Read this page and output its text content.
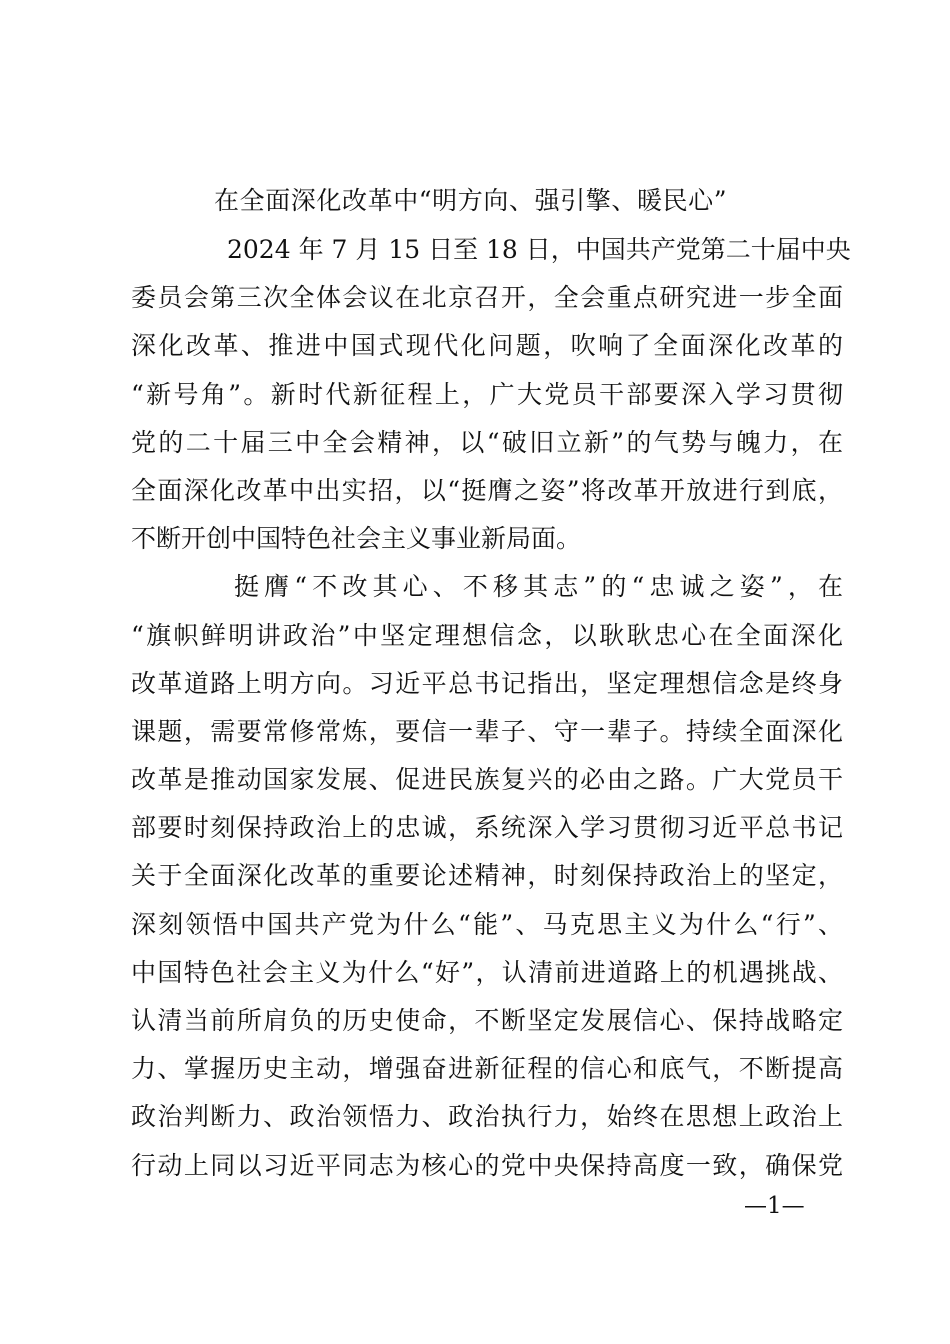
在全面深化改革中“明方向、强引擎、暖民心”
2024 年 7 月 15 日至 18 日，中国共产党第二十届中央
委员会第三次全体会议在北京召开，全会重点研究进一步全面
深化改革、推进中国式现代化问题，吹响了全面深化改革的
“新号角”。新时代新征程上，广大党员干部要深入学习贯彻
党的二十届三中全会精神，以“破旧立新”的气势与魄力，在
全面深化改革中出实招，以“挺膺之姿”将改革开放进行到底，
不断开创中国特色社会主义事业新局面。
挺膺“不改其心、不移其志”的“忠诚之姿”，在
“旗帜鲜明讲政治”中坚定理想信念，以耿耿忠心在全面深化
改革道路上明方向。习近平总书记指出，坚定理想信念是终身
课题，需要常修常炼，要信一辈子、守一辈子。持续全面深化
改革是推动国家发展、促进民族复兴的必由之路。广大党员干
部要时刻保持政治上的忠诚，系统深入学习贯彻习近平总书记
关于全面深化改革的重要论述精神，时刻保持政治上的坚定，
深刻领悟中国共产党为什么“能”、马克思主义为什么“行”、
中国特色社会主义为什么“好”，认清前进道路上的机遇挑战、
认清当前所肩负的历史使命，不断坚定发展信心、保持战略定
力、掌握历史主动，增强奋进新征程的信心和底气，不断提高
政治判断力、政治领悟力、政治执行力，始终在思想上政治上
行动上同以习近平同志为核心的党中央保持高度一致，确保党
—1—
